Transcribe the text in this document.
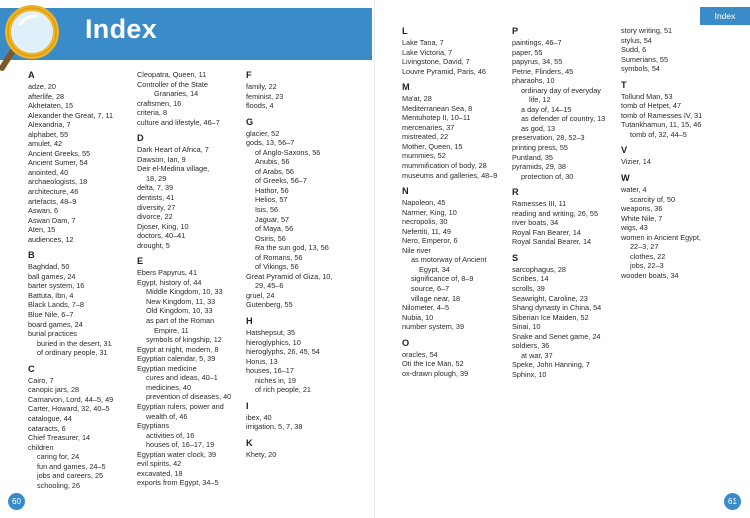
Index
A
adze, 20
afterlife, 28
Akhetaten, 15
Alexander the Great, 7, 11
Alexandria, 7
alphabet, 55
amulet, 42
Ancient Greeks, 55
Ancient Sumer, 54
anointed, 40
archaeologists, 18
architecture, 46
artefacts, 48–9
Aswan, 6
Aswan Dam, 7
Aten, 15
audiences, 12
B
Baghdad, 50
ball games, 24
barter system, 16
Battuta, Ibn, 4
Black Lands, 7–8
Blue Nile, 6–7
board games, 24
burial practices
buried in the desert, 31
of ordinary people, 31
C
Cairo, 7
canopic jars, 28
Carnarvon, Lord, 44–5, 49
Carter, Howard, 32, 40–5
catalogue, 44
cataracts, 6
Chief Treasurer, 14
children
caring for, 24
fun and games, 24–5
jobs and careers, 25
schooling, 26
Cleopatra, Queen, 11
Controller of the State
Granaries, 14
craftsmen, 16
criteria, 8
culture and lifestyle, 46–7
D
Dark Heart of Africa, 7
Dawson, Ian, 9
Deir el-Medina village,
18, 29
delta, 7, 39
dentists, 41
diversity, 27
divorce, 22
Djoser, King, 10
doctors, 40–41
drought, 5
E
Ebers Papyrus, 41
Egypt, history of, 44
Middle Kingdom, 10, 33
New Kingdom, 11, 33
Old Kingdom, 10, 33
as part of the Roman
Empire, 11
symbols of kingship, 12
Egypt at night, modern, 8
Egyptian calendar, 5, 39
Egyptian medicine
cures and ideas, 40–1
medicines, 40
prevention of diseases, 40
Egyptian rulers, power and
wealth of, 46
Egyptians
activities of, 16
houses of, 16–17, 19
Egyptian water clock, 39
evil spirits, 42
excavated, 18
exports from Egypt, 34–5
F
family, 22
feminist, 23
floods, 4
G
glacier, 52
gods, 13, 56–7
of Anglo-Saxons, 56
Anubis, 56
of Arabs, 56
of Greeks, 56–7
Hathor, 56
Helios, 57
Isis, 56
Jaguar, 57
of Maya, 56
Osiris, 56
Ra the sun god, 13, 56
of Romans, 56
of Vikings, 56
Great Pyramid of Giza, 10,
29, 45–6
gruel, 24
Gutenberg, 55
H
Hatshepsut, 35
hieroglyphics, 10
hieroglyphs, 26, 45, 54
Horus, 13
houses, 16–17
niches in, 19
of rich people, 21
I
ibex, 40
irrigation, 5, 7, 38
K
Khety, 20
60
Index
L
Lake Tana, 7
Lake Victoria, 7
Livingstone, David, 7
Louvre Pyramid, Paris, 46
M
Ma'at, 28
Mediterranean Sea, 8
Mentuhotep II, 10–11
mercenaries, 37
mistreated, 22
Mother, Queen, 15
mummies, 52
mummification of body, 28
museums and galleries, 48–9
N
Napoleon, 45
Narmer, King, 10
necropolis, 30
Nefertiti, 11, 49
Nero, Emperor, 6
Nile river
as motorway of Ancient
Egypt, 34
significance of, 8–9
source, 6–7
village near, 18
Nilometer, 4–5
Nubia, 10
number system, 39
O
oracles, 54
Oti the Ice Man, 52
ox-drawn plough, 39
P
paintings, 46–7
paper, 55
papyrus, 34, 55
Petrie, Flinders, 45
pharaohs, 10
ordinary day of everyday
life, 12
a day of, 14–15
as defender of country, 13
as god, 13
preservation, 28, 52–3
printing press, 55
Puntland, 35
pyramids, 29, 38
protection of, 30
R
Ramesses III, 11
reading and writing, 26, 55
river boats, 34
Royal Fan Bearer, 14
Royal Sandal Bearer, 14
S
sarcophagus, 28
Scribes, 14
scrolls, 39
Seawright, Caroline, 23
Shang dynasty in China, 54
Siberian Ice Maiden, 52
Sinai, 10
Snake and Senet game, 24
soldiers, 36
at war, 37
Speke, John Hanning, 7
Sphinx, 10
story writing, 51
stylus, 54
Sudd, 6
Sumerians, 55
symbols, 54
T
Tollund Man, 53
tomb of Hetpet, 47
tomb of Ramesses IV, 31
Tutankhamun, 11, 15, 46
tomb of, 32, 44–5
V
Vizier, 14
W
water, 4
scarcity of, 50
weapons, 36
White Nile, 7
wigs, 43
women in Ancient Egypt,
22–3, 27
clothes, 22
jobs, 22–3
wooden boats, 34
61
